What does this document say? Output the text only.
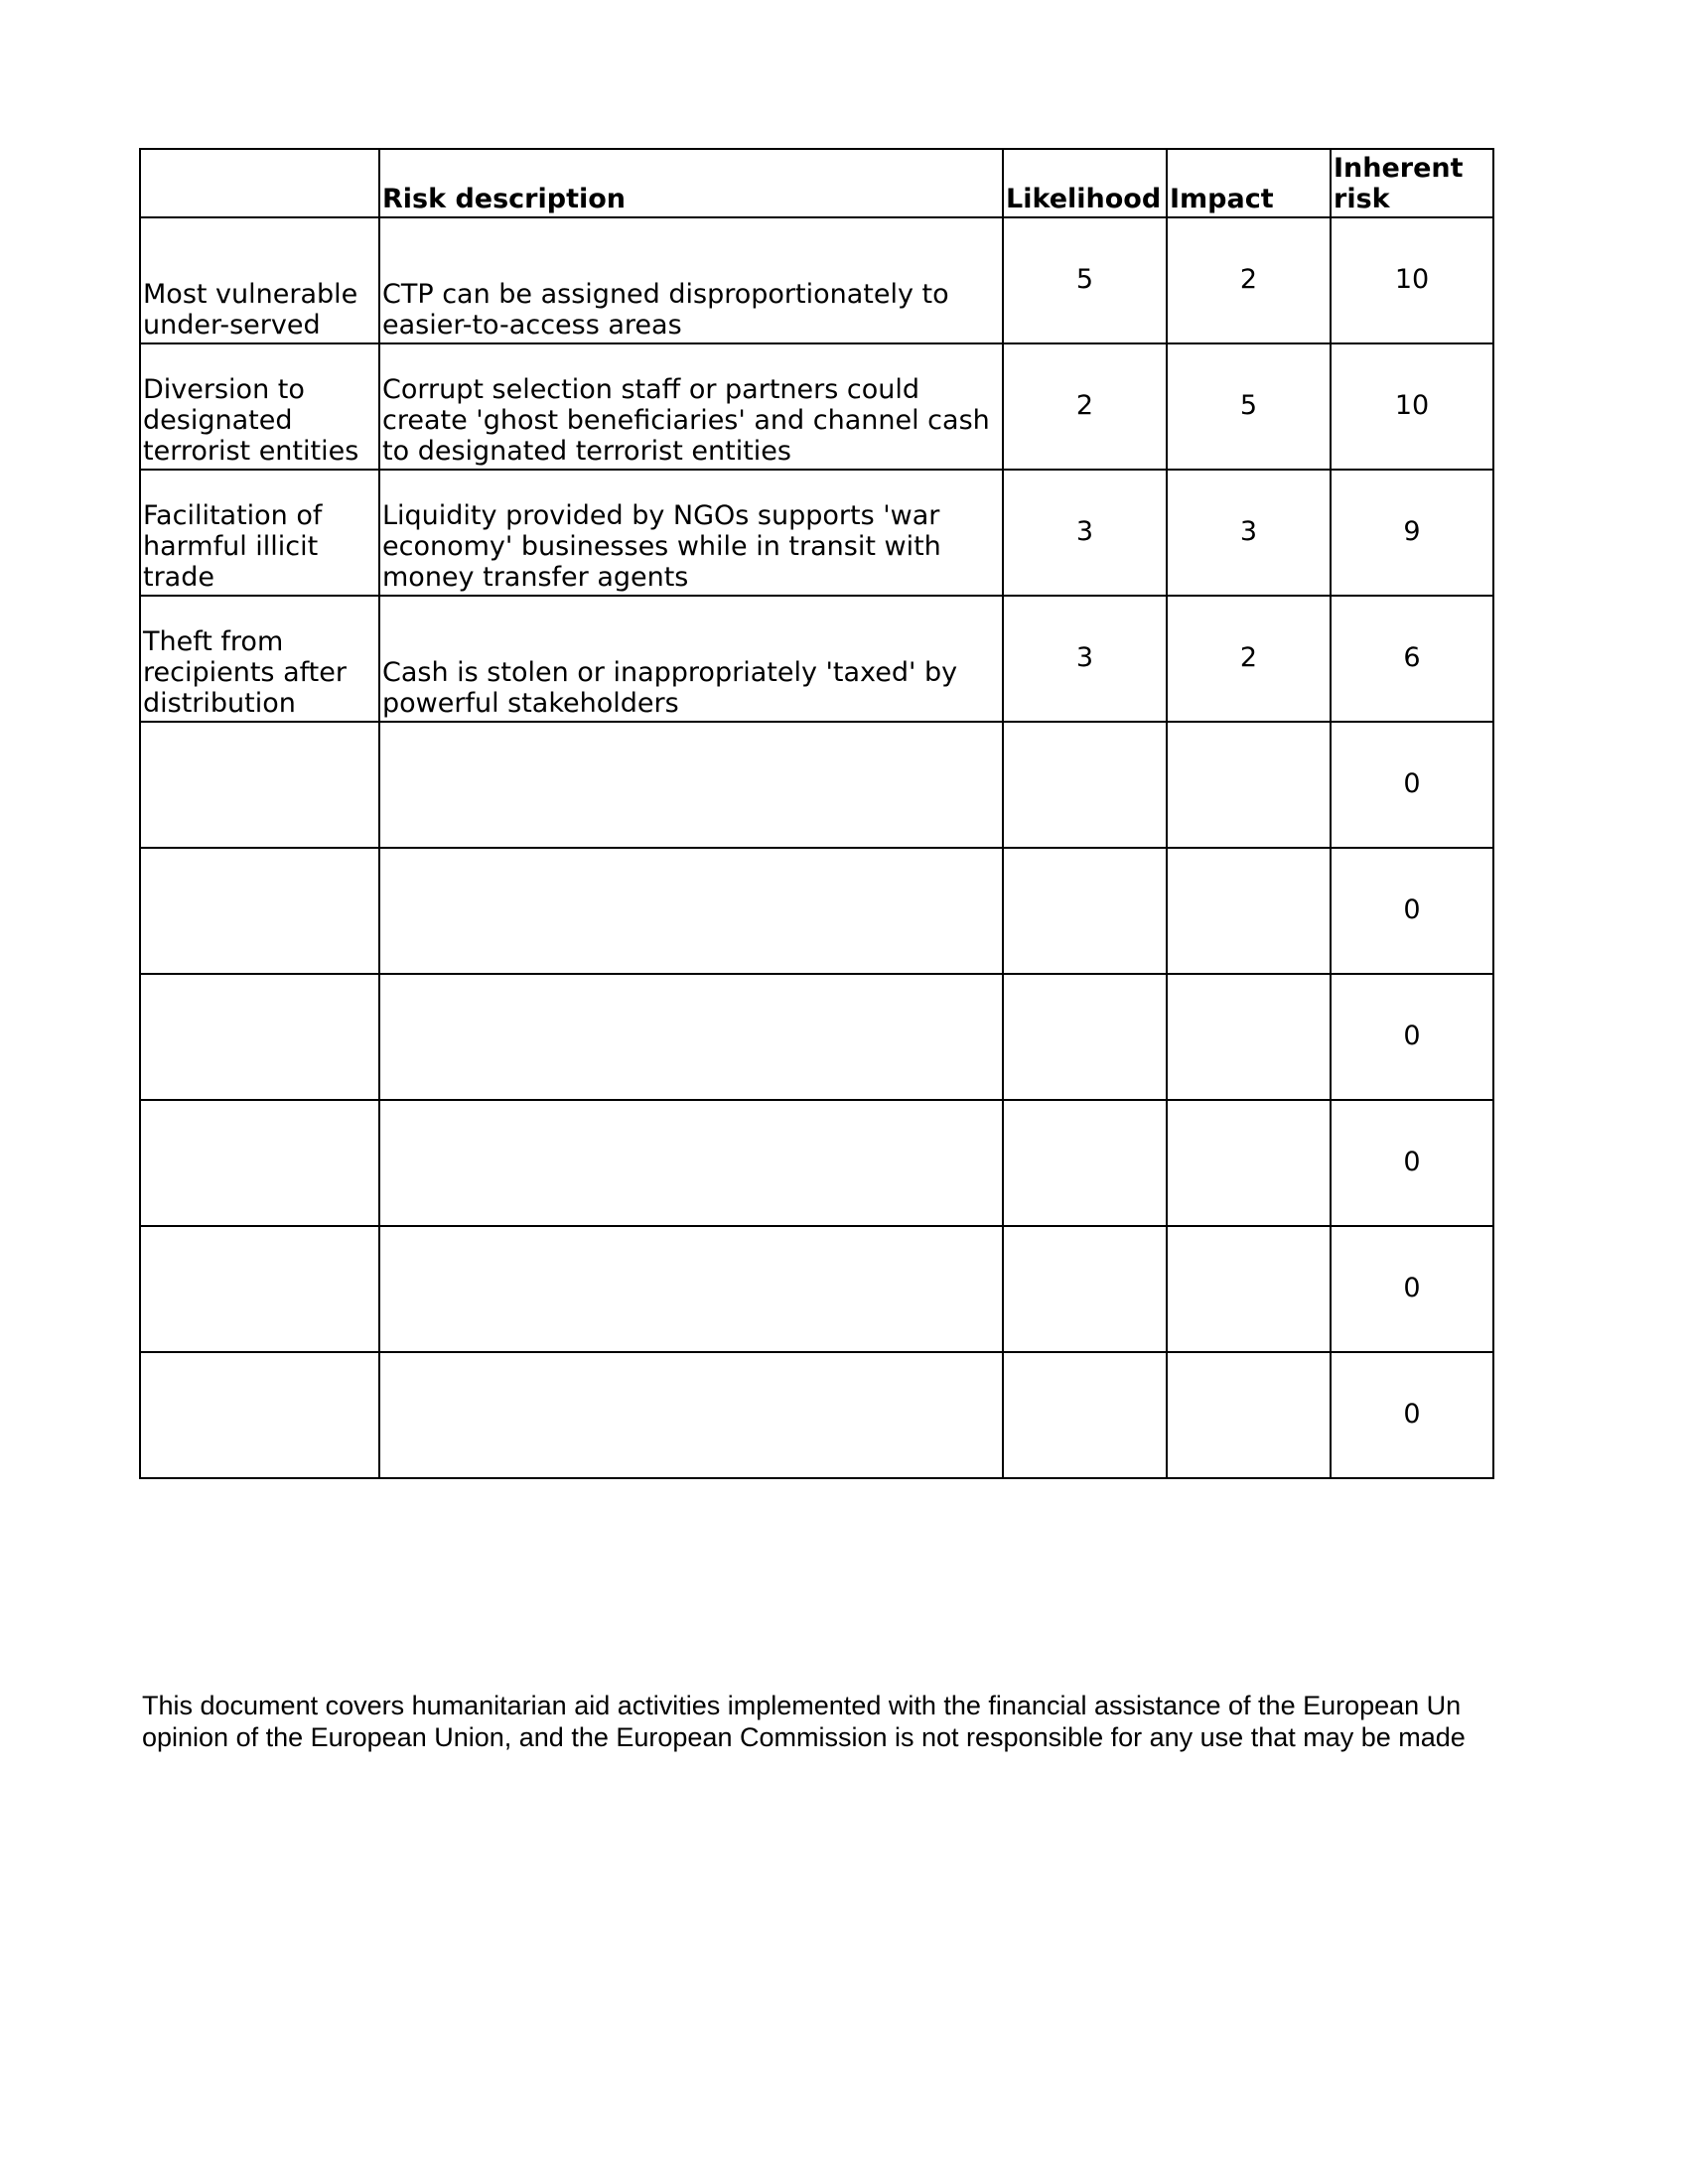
	Risk description	Likelihood	Impact	Inherent risk
Most vulnerable under-served	CTP can be assigned disproportionately to easier-to-access areas	5	2	10
Diversion to designated terrorist entities	Corrupt selection staff or partners could create 'ghost beneficiaries' and channel cash to designated terrorist entities	2	5	10
Facilitation of harmful illicit trade	Liquidity provided by NGOs supports 'war economy' businesses while in transit with money transfer agents	3	3	9
Theft from recipients after distribution	Cash is stolen or inappropriately 'taxed' by powerful stakeholders	3	2	6
				0
				0
				0
				0
				0
				0
This document covers humanitarian aid activities implemented with the financial assistance of the European Un
opinion of the European Union, and the European Commission is not responsible for any use that may be made
